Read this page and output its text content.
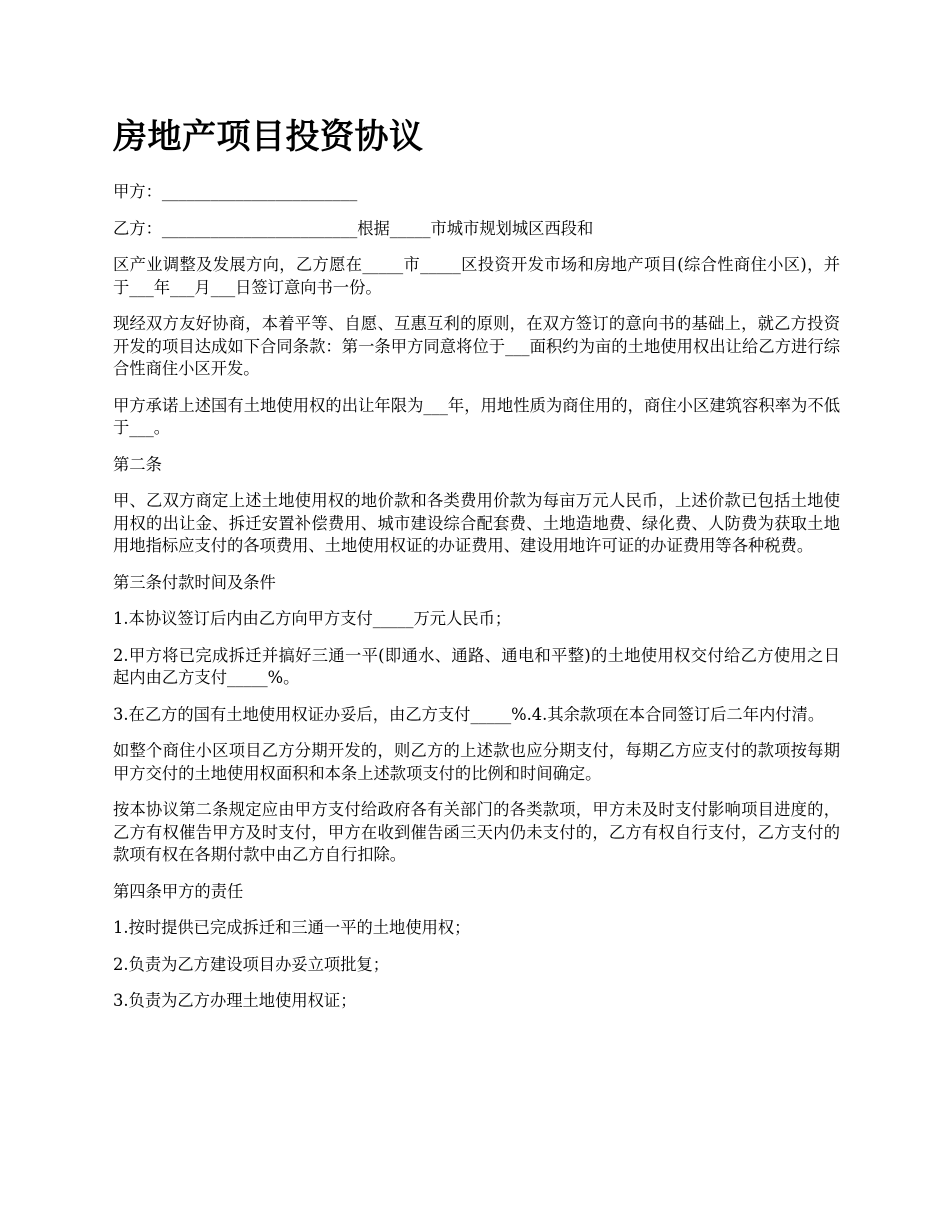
房地产项目投资协议

甲方：________________________

乙方：________________________根据_____市城市规划城区西段和

区产业调整及发展方向，乙方愿在_____市_____区投资开发市场和房地产项目(综合性商住小区)，并于___年___月___日签订意向书一份。

现经双方友好协商，本着平等、自愿、互惠互利的原则，在双方签订的意向书的基础上，就乙方投资开发的项目达成如下合同条款：第一条甲方同意将位于___面积约为亩的土地使用权出让给乙方进行综合性商住小区开发。

甲方承诺上述国有土地使用权的出让年限为___年，用地性质为商住用的，商住小区建筑容积率为不低于___。

第二条

甲、乙双方商定上述土地使用权的地价款和各类费用价款为每亩万元人民币，上述价款已包括土地使用权的出让金、拆迁安置补偿费用、城市建设综合配套费、土地造地费、绿化费、人防费为获取土地用地指标应支付的各项费用、土地使用权证的办证费用、建设用地许可证的办证费用等各种税费。

第三条付款时间及条件

1.本协议签订后内由乙方向甲方支付_____万元人民币；

2.甲方将已完成拆迁并搞好三通一平(即通水、通路、通电和平整)的土地使用权交付给乙方使用之日起内由乙方支付_____%。

3.在乙方的国有土地使用权证办妥后，由乙方支付_____%.4.其余款项在本合同签订后二年内付清。

如整个商住小区项目乙方分期开发的，则乙方的上述款也应分期支付，每期乙方应支付的款项按每期甲方交付的土地使用权面积和本条上述款项支付的比例和时间确定。

按本协议第二条规定应由甲方支付给政府各有关部门的各类款项，甲方未及时支付影响项目进度的，乙方有权催告甲方及时支付，甲方在收到催告函三天内仍未支付的，乙方有权自行支付，乙方支付的款项有权在各期付款中由乙方自行扣除。

第四条甲方的责任

1.按时提供已完成拆迁和三通一平的土地使用权；

2.负责为乙方建设项目办妥立项批复；

3.负责为乙方办理土地使用权证；
